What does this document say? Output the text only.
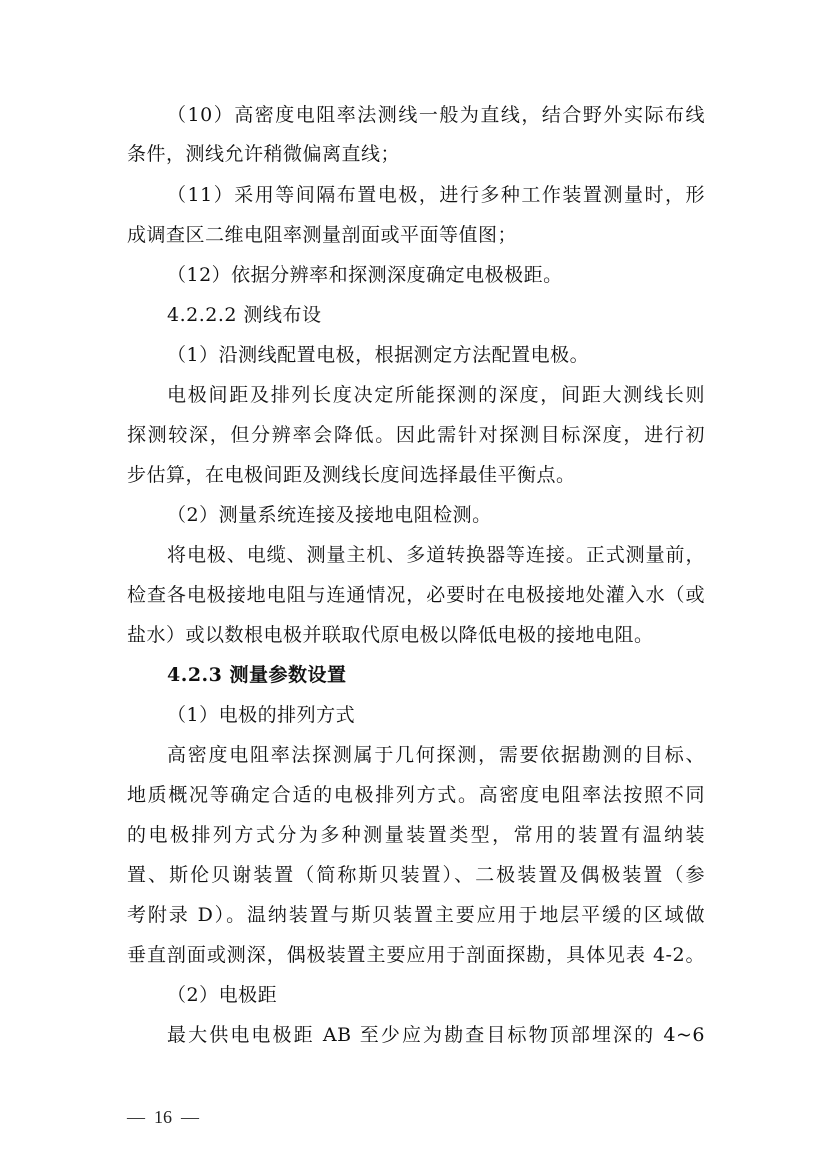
（10）高密度电阻率法测线一般为直线，结合野外实际布线
条件，测线允许稍微偏离直线；
（11）采用等间隔布置电极，进行多种工作装置测量时，形
成调查区二维电阻率测量剖面或平面等值图；
（12）依据分辨率和探测深度确定电极极距。
4.2.2.2 测线布设
（1）沿测线配置电极，根据测定方法配置电极。
电极间距及排列长度决定所能探测的深度，间距大测线长则
探测较深，但分辨率会降低。因此需针对探测目标深度，进行初
步估算，在电极间距及测线长度间选择最佳平衡点。
（2）测量系统连接及接地电阻检测。
将电极、电缆、测量主机、多道转换器等连接。正式测量前，
检查各电极接地电阻与连通情况，必要时在电极接地处灌入水（或
盐水）或以数根电极并联取代原电极以降低电极的接地电阻。
4.2.3 测量参数设置
（1）电极的排列方式
高密度电阻率法探测属于几何探测，需要依据勘测的目标、
地质概况等确定合适的电极排列方式。高密度电阻率法按照不同
的电极排列方式分为多种测量装置类型，常用的装置有温纳装
置、斯伦贝谢装置（简称斯贝装置）、二极装置及偶极装置（参
考附录 D）。温纳装置与斯贝装置主要应用于地层平缓的区域做
垂直剖面或测深，偶极装置主要应用于剖面探勘，具体见表 4-2。
（2）电极距
最大供电电极距 AB 至少应为勘查目标物顶部埋深的 4~6
—  16  —
